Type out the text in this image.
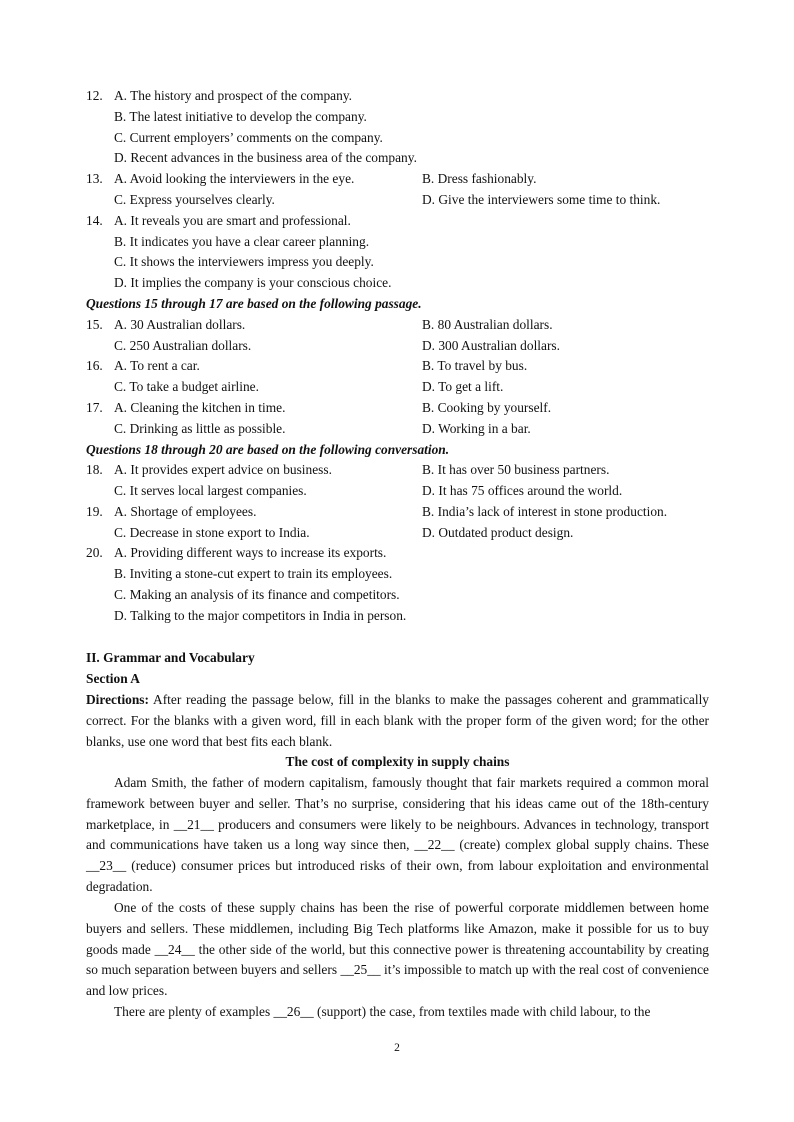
12. A. The history and prospect of the company.
B. The latest initiative to develop the company.
C. Current employers’ comments on the company.
D. Recent advances in the business area of the company.
13. A. Avoid looking the interviewers in the eye.	B. Dress fashionably.
C. Express yourselves clearly.	D. Give the interviewers some time to think.
14. A. It reveals you are smart and professional.
B. It indicates you have a clear career planning.
C. It shows the interviewers impress you deeply.
D. It implies the company is your conscious choice.
Questions 15 through 17 are based on the following passage.
15. A. 30 Australian dollars.	B. 80 Australian dollars.
C. 250 Australian dollars.	D. 300 Australian dollars.
16. A. To rent a car.	B. To travel by bus.
C. To take a budget airline.	D. To get a lift.
17. A. Cleaning the kitchen in time.	B. Cooking by yourself.
C. Drinking as little as possible.	D. Working in a bar.
Questions 18 through 20 are based on the following conversation.
18. A. It provides expert advice on business.	B. It has over 50 business partners.
C. It serves local largest companies.	D. It has 75 offices around the world.
19. A. Shortage of employees.	B. India’s lack of interest in stone production.
C. Decrease in stone export to India.	D. Outdated product design.
20. A. Providing different ways to increase its exports.
B. Inviting a stone-cut expert to train its employees.
C. Making an analysis of its finance and competitors.
D. Talking to the major competitors in India in person.
II. Grammar and Vocabulary
Section A
Directions: After reading the passage below, fill in the blanks to make the passages coherent and grammatically correct. For the blanks with a given word, fill in each blank with the proper form of the given word; for the other blanks, use one word that best fits each blank.
The cost of complexity in supply chains
Adam Smith, the father of modern capitalism, famously thought that fair markets required a common moral framework between buyer and seller. That’s no surprise, considering that his ideas came out of the 18th-century marketplace, in __21__ producers and consumers were likely to be neighbours. Advances in technology, transport and communications have taken us a long way since then, __22__ (create) complex global supply chains. These __23__ (reduce) consumer prices but introduced risks of their own, from labour exploitation and environmental degradation.
One of the costs of these supply chains has been the rise of powerful corporate middlemen between home buyers and sellers. These middlemen, including Big Tech platforms like Amazon, make it possible for us to buy goods made __24__ the other side of the world, but this connective power is threatening accountability by creating so much separation between buyers and sellers __25__ it’s impossible to match up with the real cost of convenience and low prices.
There are plenty of examples __26__ (support) the case, from textiles made with child labour, to the
2
